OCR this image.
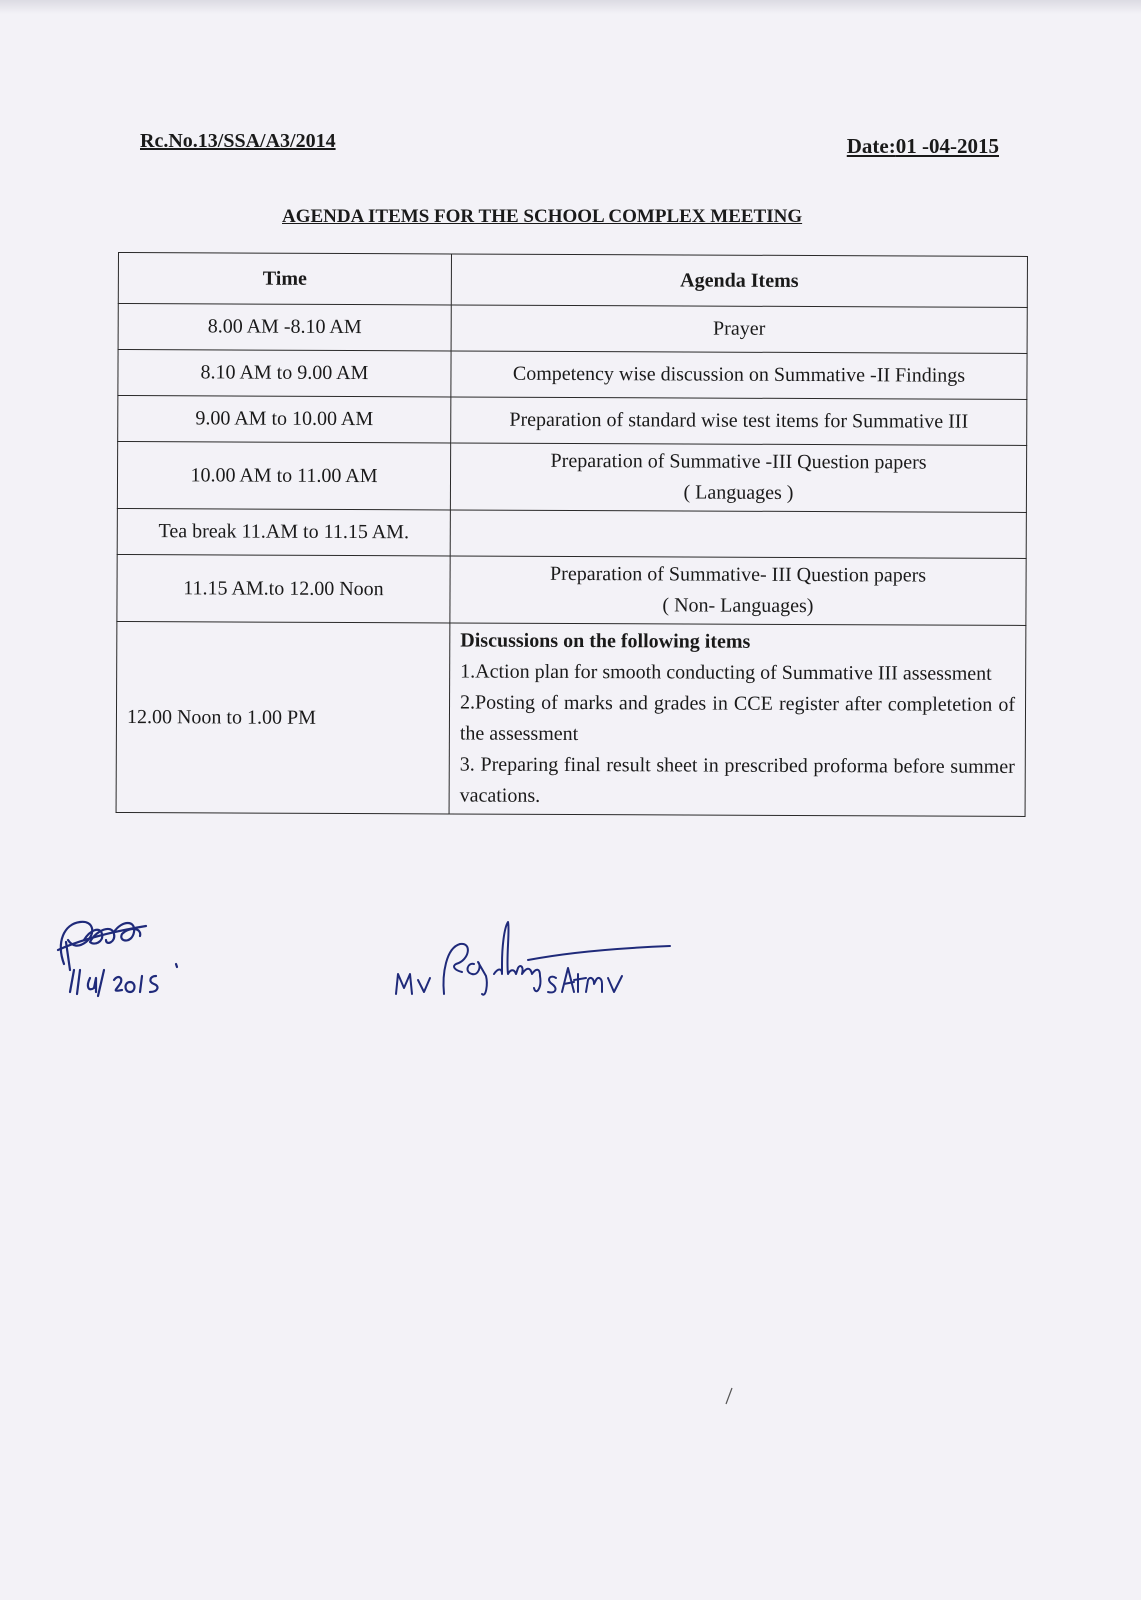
Rc.No.13/SSA/A3/2014	Date:01 -04-2015
AGENDA ITEMS FOR THE SCHOOL COMPLEX MEETING
Time	Agenda Items
8.00 AM -8.10 AM	Prayer
8.10 AM to 9.00 AM	Competency wise discussion on Summative -II Findings
9.00 AM to 10.00 AM	Preparation of standard wise test items for Summative III
10.00 AM to 11.00 AM	Preparation of Summative -III Question papers
( Languages )

Tea break 11.AM to 11.15 AM.	
11.15 AM.to 12.00 Noon	Preparation of Summative- III Question papers
( Non- Languages)

12.00 Noon to 1.00 PM	Discussions on the following items
1.Action plan for smooth conducting of Summative III assessment
2.Posting of marks and grades in CCE register after completetion of the assessment
3. Preparing final result sheet in prescribed proforma before summer vacations.
